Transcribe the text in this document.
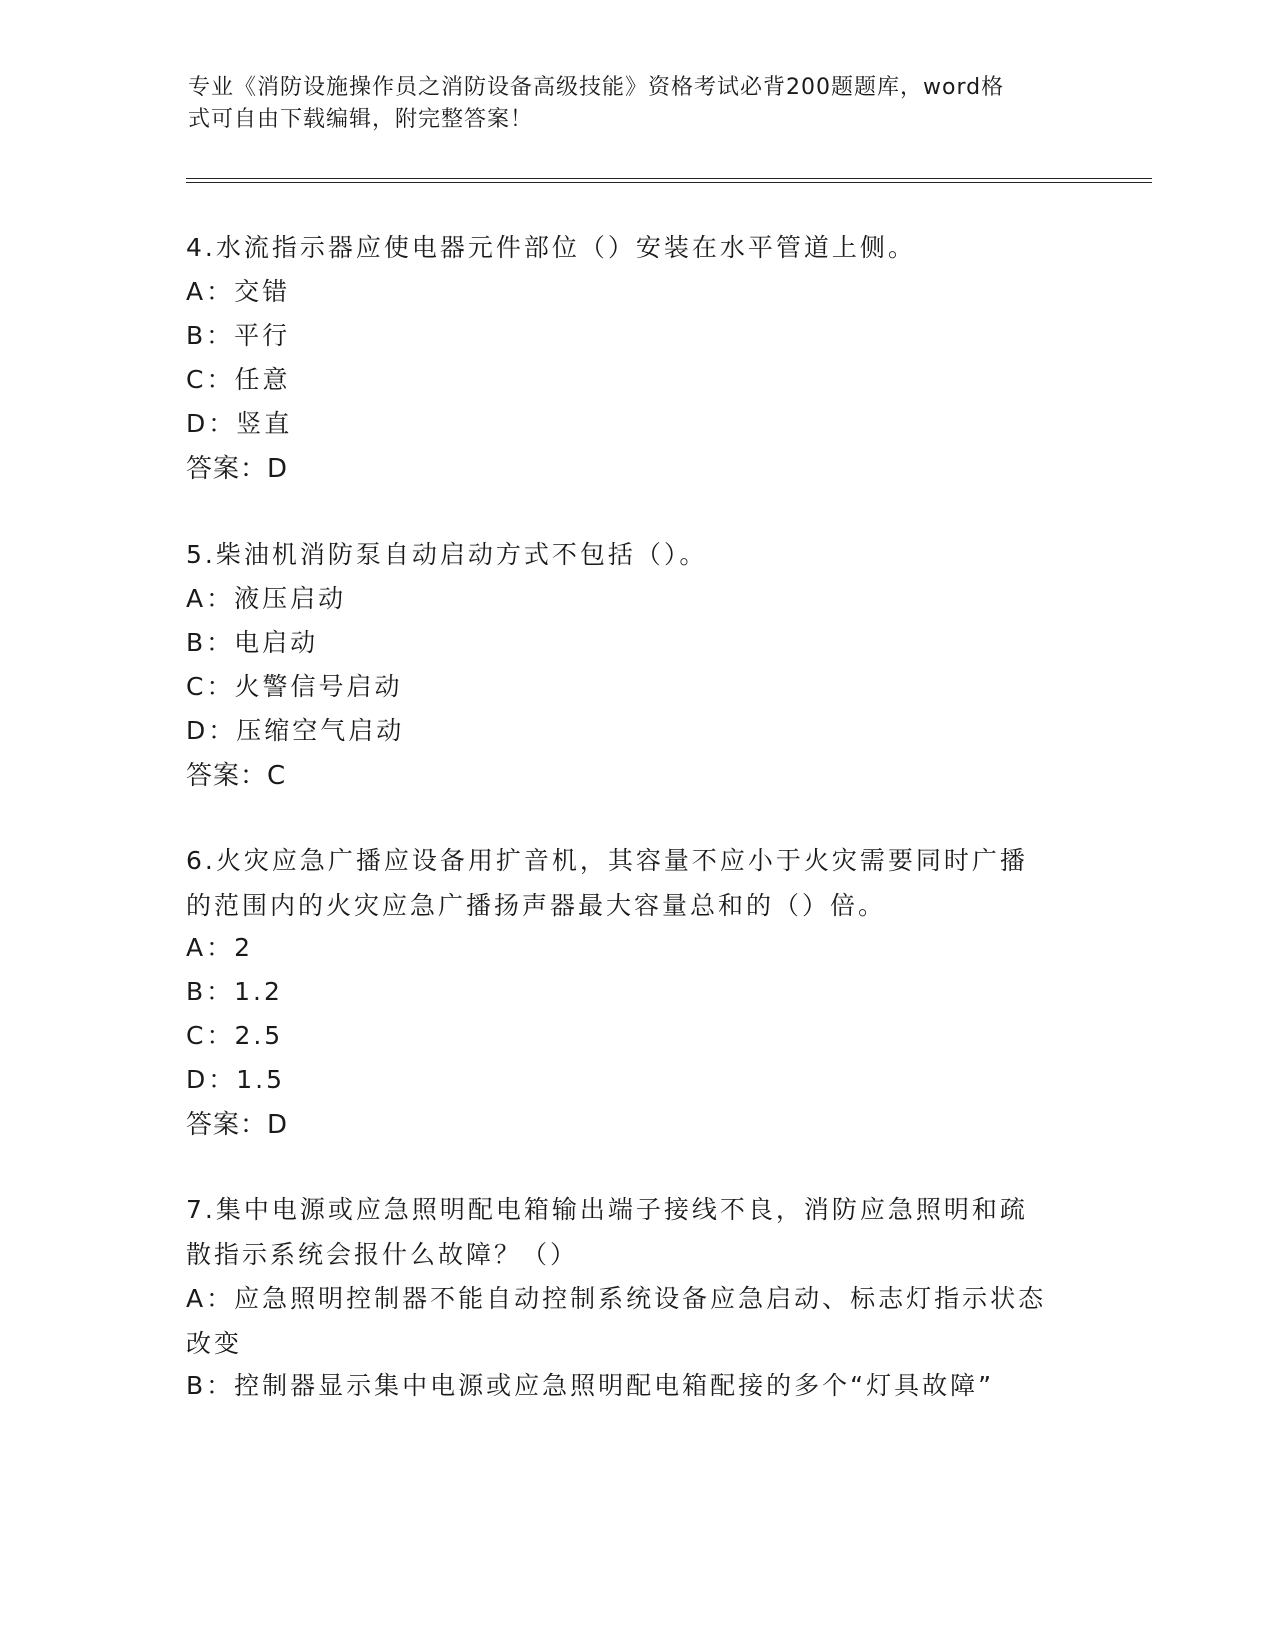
专业《消防设施操作员之消防设备高级技能》资格考试必背200题题库，word格
式可自由下载编辑，附完整答案！
4.水流指示器应使电器元件部位（）安装在水平管道上侧。
A：交错
B：平行
C：任意
D：竖直
答案：D
5.柴油机消防泵自动启动方式不包括（）。
A：液压启动
B：电启动
C：火警信号启动
D：压缩空气启动
答案：C
6.火灾应急广播应设备用扩音机，其容量不应小于火灾需要同时广播的范围内的火灾应急广播扬声器最大容量总和的（）倍。
A：2
B：1.2
C：2.5
D：1.5
答案：D
7.集中电源或应急照明配电箱输出端子接线不良，消防应急照明和疏散指示系统会报什么故障？（）
A：应急照明控制器不能自动控制系统设备应急启动、标志灯指示状态改变
B：控制器显示集中电源或应急照明配电箱配接的多个“灯具故障”
